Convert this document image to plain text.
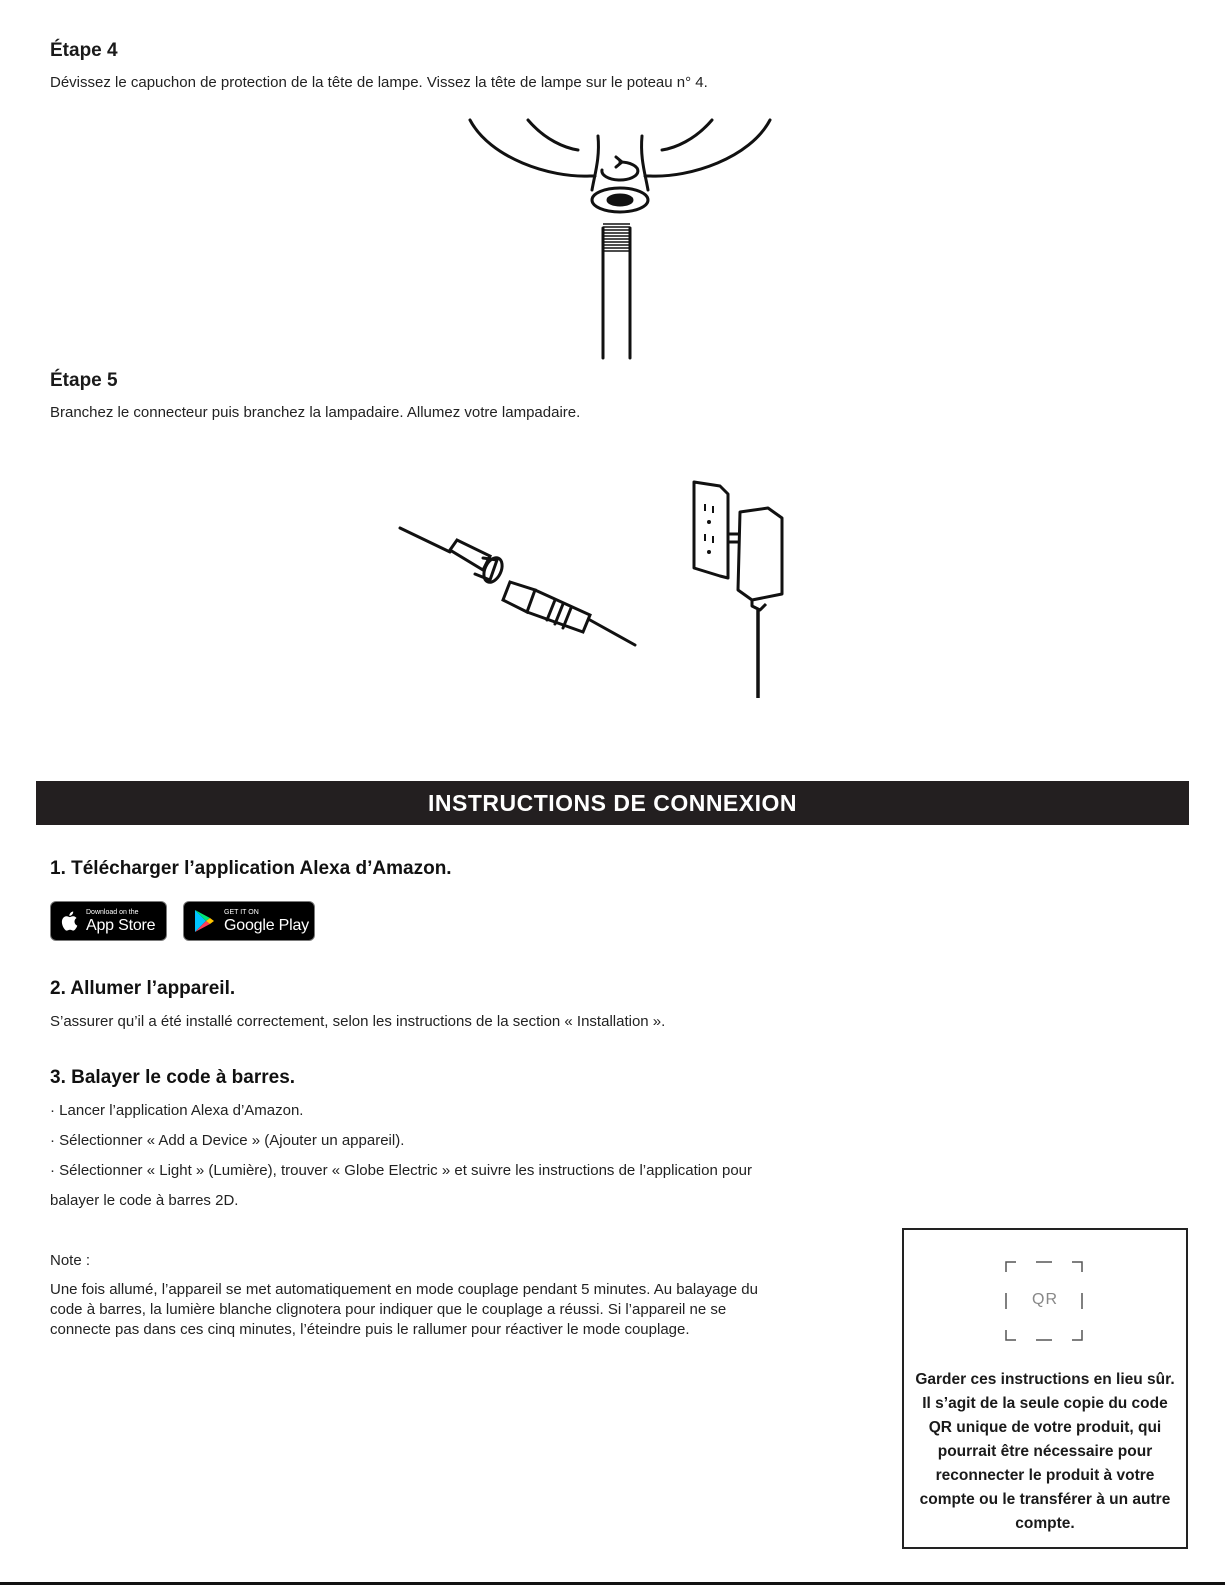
Étape 4
Dévissez le capuchon de protection de la tête de lampe. Vissez la tête de lampe sur le poteau n° 4.
Étape 5
Branchez le connecteur puis branchez la lampadaire. Allumez votre lampadaire.
INSTRUCTIONS DE CONNEXION
1. Télécharger l’application Alexa d’Amazon.
Download on the
App Store
GET IT ON
Google Play
2. Allumer l’appareil.
S’assurer qu’il a été installé correctement, selon les instructions de la section « Installation ».
3. Balayer le code à barres.
· Lancer l’application Alexa d’Amazon.
· Sélectionner « Add a Device » (Ajouter un appareil).
· Sélectionner « Light » (Lumière), trouver « Globe Electric » et suivre les instructions de l’application pour
balayer le code à barres 2D.
Note :
Une fois allumé, l’appareil se met automatiquement en mode couplage pendant 5 minutes. Au balayage du
code à barres, la lumière blanche clignotera pour indiquer que le couplage a réussi. Si l’appareil ne se
connecte pas dans ces cinq minutes, l’éteindre puis le rallumer pour réactiver le mode couplage.
QR
Garder ces instructions en lieu sûr. Il s’agit de la seule copie du code QR unique de votre produit, qui pourrait être nécessaire pour reconnecter le produit à votre compte ou le transférer à un autre compte.
